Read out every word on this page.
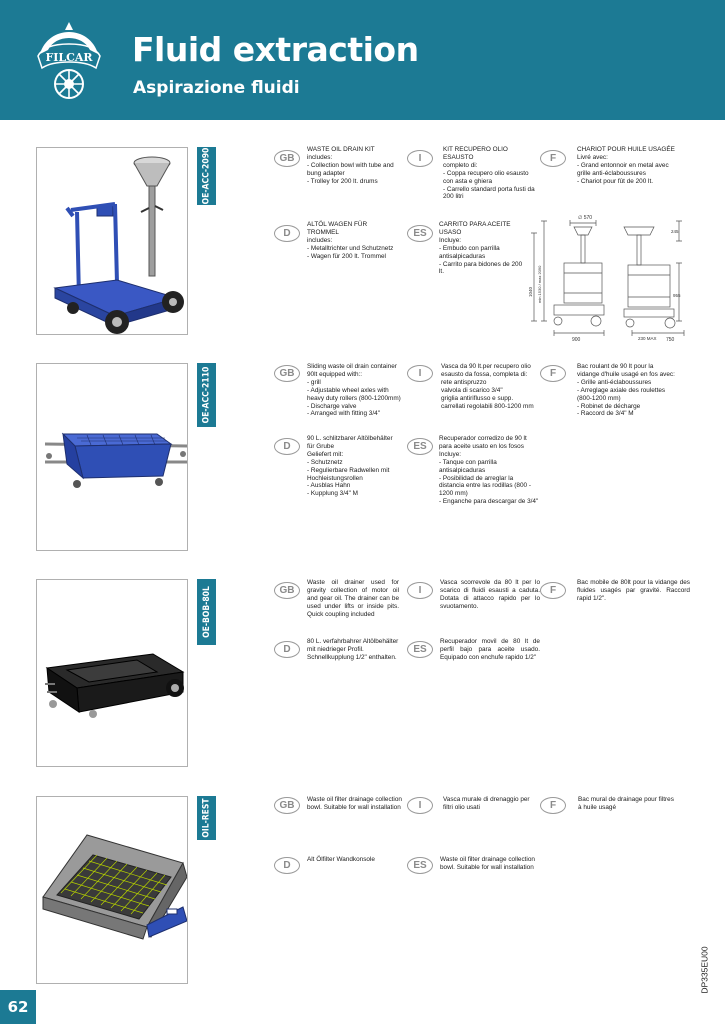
FILCAR Fluid extraction
Aspirazione fluidi
OE-ACC-2090	GB
WASTE OIL DRAIN KIT
includes:
- Collection bowl with tube and bung adapter
- Trolley for 200 lt. drums
I
KIT RECUPERO OLIO ESAUSTO
completo di:
- Coppa recupero olio esausto con asta e ghiera
- Carrello standard porta fusti da 200 litri
F
CHARIOT POUR HUILE USAGÉE
Livré avec:
- Grand entonnoir en metal avec grille anti-éclaboussures
- Chariot pour fût de 200 lt.
D
ALTÖL WAGEN FÜR TROMMEL
includes:
- Metalltrichter und Schutznetz
- Wagen für 200 lt. Trommel
ES
CARRITO PARA ACEITE USASO
Incluye:
- Embudo con parrilla antisalpicaduras
- Carrito para bidones de 200 lt.
∅ 570
min 1530 / max 2090
1040
245
955
900	750
230 MAX
OE-ACC-2110	GB
Sliding waste oil drain container 90lt equipped with::
- grill
- Adjustable wheel axles with heavy duty rollers (800-1200mm)
- Discharge valve
- Arranged with fitting 3/4"
I
Vasca da 90 lt.per recupero olio esausto da fossa, completa di:
rete antispruzzo
valvola di scarico 3/4"
griglia antiriflusso e supp. carrellati regolabili 800-1200 mm
F
Bac roulant de 90 lt pour la vidange d'huile usagé en fos avec:
- Grille anti-éclaboussures
- Arreglage axiale des roulettes (800-1200 mm)
- Robinet de décharge
- Raccord de 3/4" M
D
90 L. schlitzbarer Altölbehälter für Grube
Geliefert mit:
- Schutznetz
- Regulierbare Radwellen mit Hochleistungsrollen
- Ausblas Hahn
- Kupplung 3/4" M
ES
Recuperador corredizo de 90 lt para aceite usato en los fosos
Incluye:
- Tanque con parrilla antisalpicaduras
- Posibilidad de arreglar la distancia entre las rodillas (800 - 1200 mm)
- Enganche para descargar de 3/4"
OE-BOB-80L	GB
Waste oil drainer used for gravity collection of motor oil and gear oil. The drainer can be used under lifts or inside pits. Quick coupling included
I
Vasca scorrevole da 80 lt per lo scarico di fluidi esausti a caduta. Dotata di attacco rapido per lo svuotamento.
F
Bac mobile de 80lt pour la vidange des fluides usagés par gravité. Raccord rapid 1/2".
D
80 L. verfahrbahrer Altölbehälter mit niedrieger Profil. Schnellkupplung 1/2" enthalten.
ES
Recuperador movil de 80 lt de perfil bajo para aceite usado. Equipado con enchufe rapido 1/2"
OIL-REST	GB
Waste oil filter drainage collection bowl. Suitable for wall installation	I
Vasca murale di drenaggio per filtri olio usati	F
Bac mural de drainage pour filtres à huile usagé
D
Alt Ölfilter Wandkonsole
ES
Waste oil filter drainage collection bowl. Suitable for wall installation
62
DP335EU00
